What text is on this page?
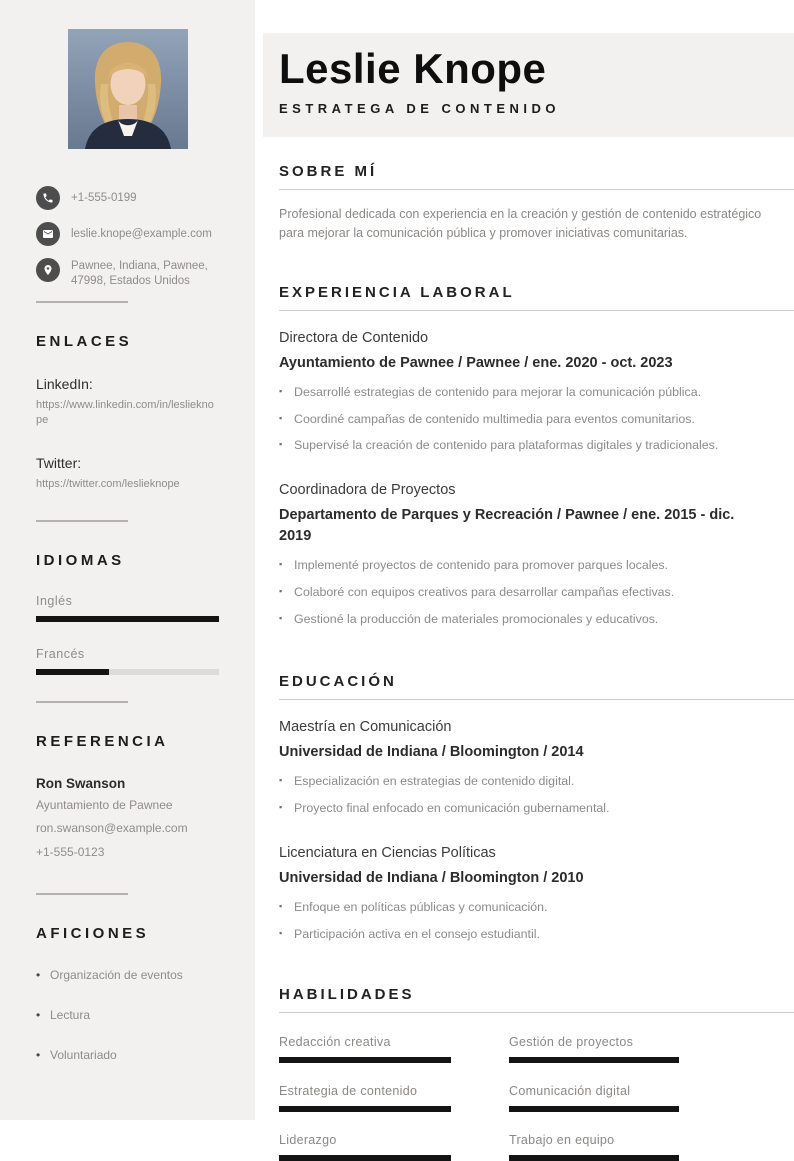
+1-555-0199
leslie.knope@example.com
Pawnee, Indiana, Pawnee,
47998, Estados Unidos
ENLACES
LinkedIn:
https://www.linkedin.com/in/leslieknope
Twitter:
https://twitter.com/leslieknope
IDIOMAS
Inglés
Francés
REFERENCIA
Ron Swanson
Ayuntamiento de Pawnee
ron.swanson@example.com
+1-555-0123
AFICIONES
• Organización de eventos
• Lectura
• Voluntariado
Leslie Knope
ESTRATEGA DE CONTENIDO
SOBRE MÍ

Profesional dedicada con experiencia en la creación y gestión de contenido estratégico para mejorar la comunicación pública y promover iniciativas comunitarias.

EXPERIENCIA LABORAL
Directora de Contenido
Ayuntamiento de Pawnee / Pawnee / ene. 2020 - oct. 2023
▪ Desarrollé estrategias de contenido para mejorar la comunicación pública.
▪ Coordiné campañas de contenido multimedia para eventos comunitarios.
▪ Supervisé la creación de contenido para plataformas digitales y tradicionales.
Coordinadora de Proyectos
Departamento de Parques y Recreación / Pawnee / ene. 2015 - dic. 2019
▪ Implementé proyectos de contenido para promover parques locales.
▪ Colaboré con equipos creativos para desarrollar campañas efectivas.
▪ Gestioné la producción de materiales promocionales y educativos.
EDUCACIÓN
Maestría en Comunicación
Universidad de Indiana / Bloomington / 2014
▪ Especialización en estrategias de contenido digital.
▪ Proyecto final enfocado en comunicación gubernamental.
Licenciatura en Ciencias Políticas
Universidad de Indiana / Bloomington / 2010
▪ Enfoque en políticas públicas y comunicación.
▪ Participación activa en el consejo estudiantil.
HABILIDADES
Redacción creativa	Gestión de proyectos
Estrategia de contenido	Comunicación digital
Liderazgo	Trabajo en equipo
